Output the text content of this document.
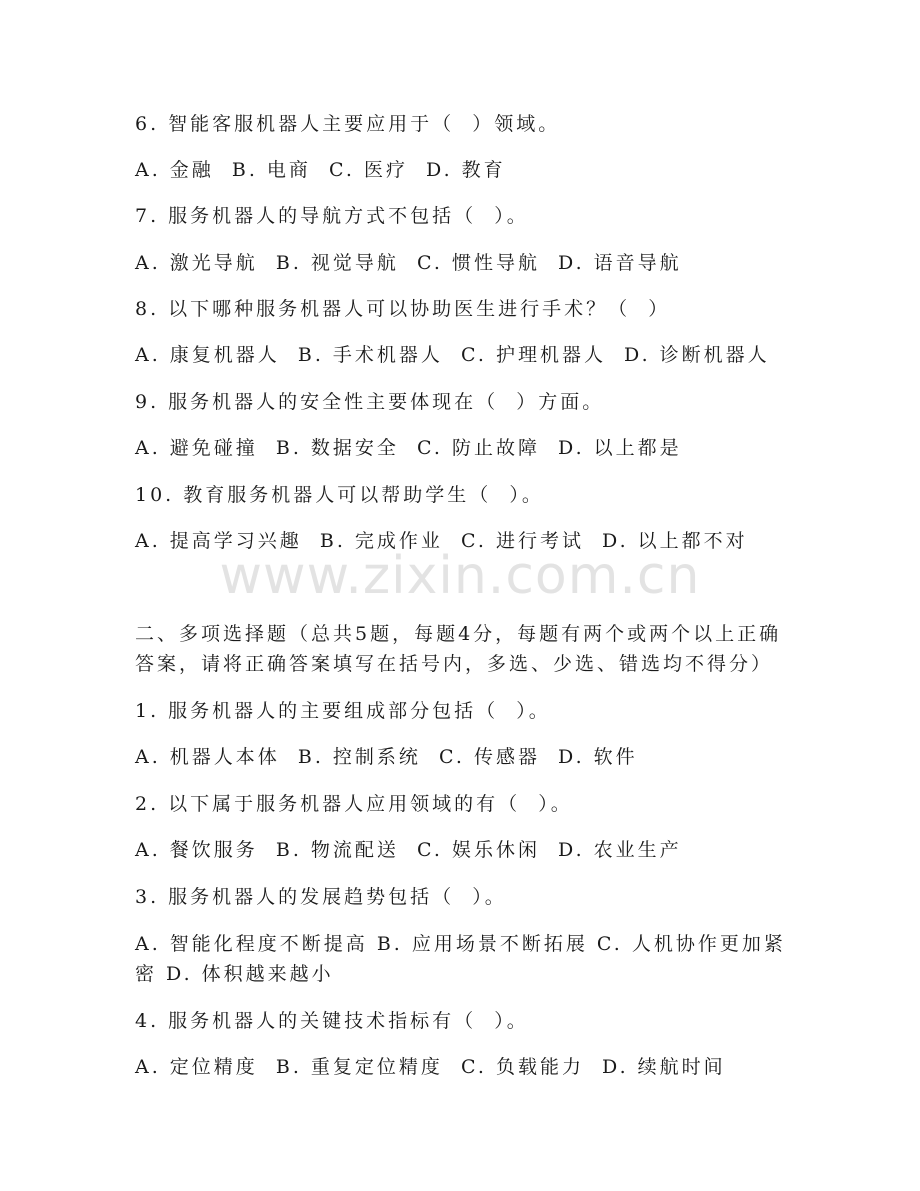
6. 智能客服机器人主要应用于（  ）领域。
A. 金融  B. 电商  C. 医疗  D. 教育
7. 服务机器人的导航方式不包括（  ）。
A. 激光导航  B. 视觉导航  C. 惯性导航  D. 语音导航
8. 以下哪种服务机器人可以协助医生进行手术？（  ）
A. 康复机器人  B. 手术机器人  C. 护理机器人  D. 诊断机器人
9. 服务机器人的安全性主要体现在（  ）方面。
A. 避免碰撞  B. 数据安全  C. 防止故障  D. 以上都是
10. 教育服务机器人可以帮助学生（  ）。
A. 提高学习兴趣  B. 完成作业  C. 进行考试  D. 以上都不对
www.zixin.com.cn
二、多项选择题（总共5题，每题4分，每题有两个或两个以上正确答案，请将正确答案填写在括号内，多选、少选、错选均不得分）
1. 服务机器人的主要组成部分包括（  ）。
A. 机器人本体  B. 控制系统  C. 传感器  D. 软件
2. 以下属于服务机器人应用领域的有（  ）。
A. 餐饮服务  B. 物流配送  C. 娱乐休闲  D. 农业生产
3. 服务机器人的发展趋势包括（  ）。
A. 智能化程度不断提高 B. 应用场景不断拓展 C. 人机协作更加紧密 D. 体积越来越小
4. 服务机器人的关键技术指标有（  ）。
A. 定位精度  B. 重复定位精度  C. 负载能力  D. 续航时间
